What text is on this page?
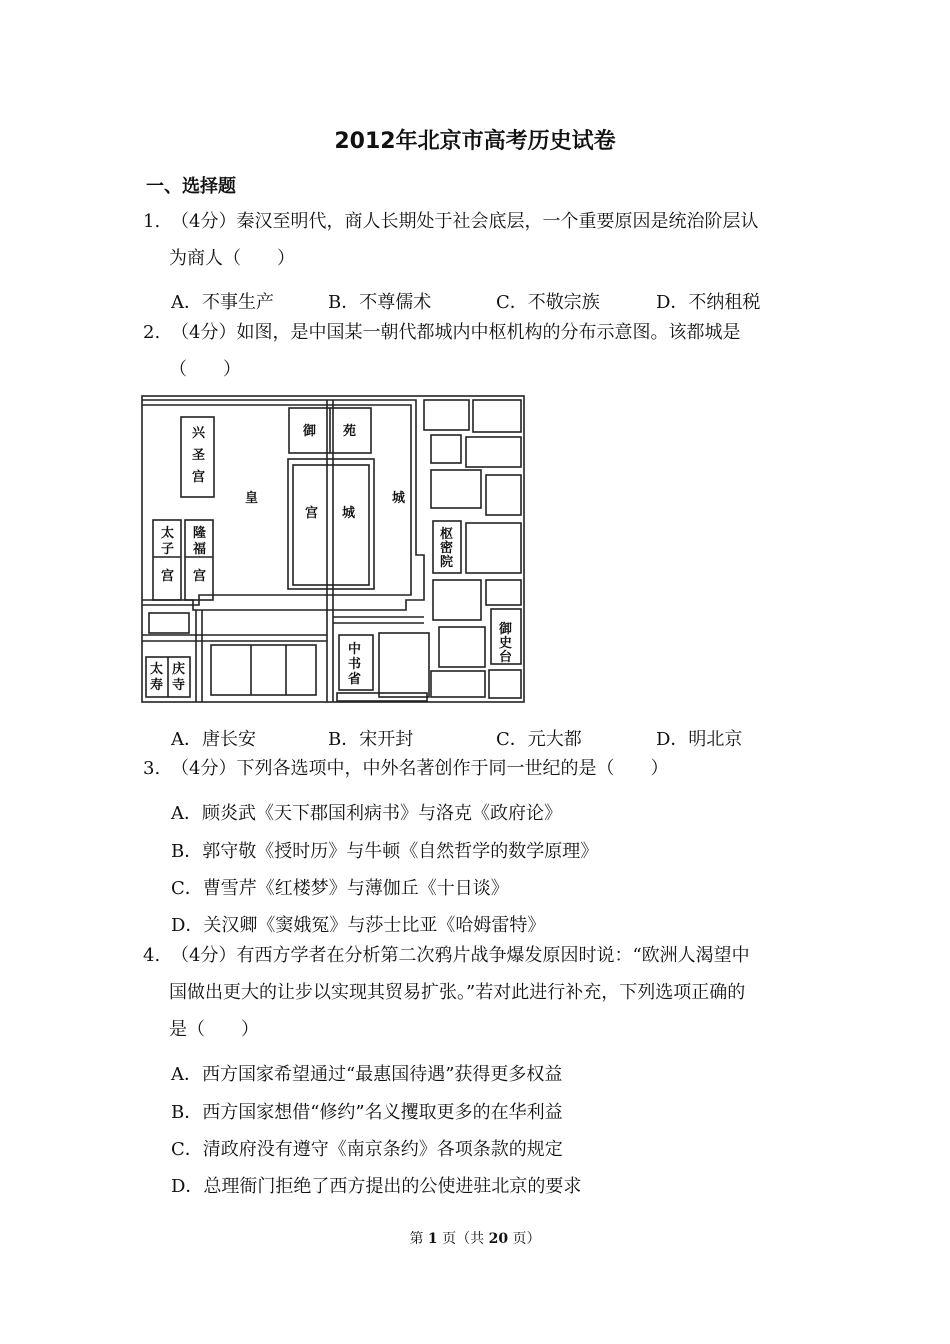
2012年北京市高考历史试卷
一、选择题
1. （4分）秦汉至明代，商人长期处于社会底层，一个重要原因是统治阶层认
为商人（　　）
A．不事生产	B．不尊儒术	C．不敬宗族	D．不纳租税
2. （4分）如图，是中国某一朝代都城内中枢机构的分布示意图。该都城是
（　　）
兴
圣
宫
御 苑
皇
宫 城
城
太
子
宫
隆
福
宫
枢
密
院
御
史
台
中
书
省
太
寿
庆
寺
A．唐长安	B．宋开封	C．元大都	D．明北京
3. （4分）下列各选项中，中外名著创作于同一世纪的是（　　）
A．顾炎武《天下郡国利病书》与洛克《政府论》
B．郭守敬《授时历》与牛顿《自然哲学的数学原理》
C．曹雪芹《红楼梦》与薄伽丘《十日谈》
D．关汉卿《窦娥冤》与莎士比亚《哈姆雷特》
4. （4分）有西方学者在分析第二次鸦片战争爆发原因时说：“欧洲人渴望中
国做出更大的让步以实现其贸易扩张。”若对此进行补充，下列选项正确的
是（　　）
A．西方国家希望通过“最惠国待遇”获得更多权益
B．西方国家想借“修约”名义攫取更多的在华利益
C．清政府没有遵守《南京条约》各项条款的规定
D．总理衙门拒绝了西方提出的公使进驻北京的要求
第 1 页（共 20 页）
